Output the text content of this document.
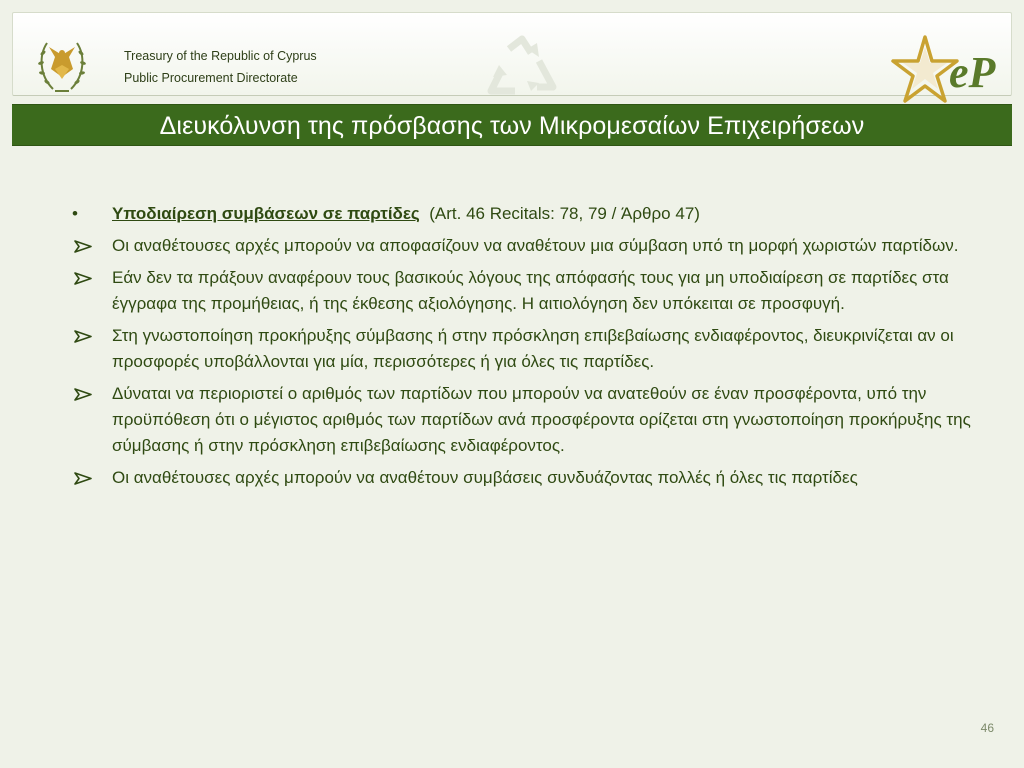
Treasury of the Republic of Cyprus
Public Procurement Directorate	eP
Διευκόλυνση της πρόσβασης των Μικρομεσαίων Επιχειρήσεων
•	Υποδιαίρεση συμβάσεων σε παρτίδες (Art. 46 Recitals: 78, 79 / Άρθρο 47)
Οι αναθέτουσες αρχές μπορούν να αποφασίζουν να αναθέτουν μια σύμβαση υπό τη μορφή χωριστών παρτίδων.
Εάν δεν τα πράξουν αναφέρουν τους βασικούς λόγους της απόφασής τους για μη υποδιαίρεση σε παρτίδες στα έγγραφα της προμήθειας, ή της έκθεσης αξιολόγησης. Η αιτιολόγηση δεν υπόκειται σε προσφυγή.
Στη γνωστοποίηση προκήρυξης σύμβασης ή στην πρόσκληση επιβεβαίωσης ενδιαφέροντος, διευκρινίζεται αν οι προσφορές υποβάλλονται για μία, περισσότερες ή για όλες τις παρτίδες.
Δύναται να περιοριστεί ο αριθμός των παρτίδων που μπορούν να ανατεθούν σε έναν προσφέροντα, υπό την προϋπόθεση ότι ο μέγιστος αριθμός των παρτίδων ανά προσφέροντα ορίζεται στη γνωστοποίηση προκήρυξης της σύμβασης ή στην πρόσκληση επιβεβαίωσης ενδιαφέροντος.
Οι αναθέτουσες αρχές μπορούν να αναθέτουν συμβάσεις συνδυάζοντας πολλές ή όλες τις παρτίδες
46
